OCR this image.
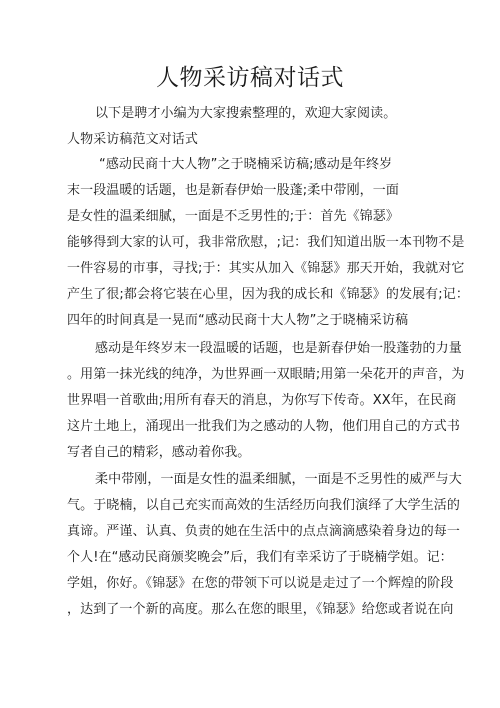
人物采访稿对话式
以下是聘才小编为大家搜索整理的，欢迎大家阅读。
人物采访稿范文对话式
“感动民商十大人物”之于晓楠采访稿;感动是年终岁
末一段温暖的话题，也是新春伊始一股蓬;柔中带刚，一面
是女性的温柔细腻，一面是不乏男性的;于：首先《锦瑟》
能够得到大家的认可，我非常欣慰，;记：我们知道出版一本刊物不是
一件容易的市事，寻找;于：其实从加入《锦瑟》那天开始，我就对它
产生了很;都会将它装在心里，因为我的成长和《锦瑟》的发展有;记：
四年的时间真是一晃而“感动民商十大人物”之于晓楠采访稿
感动是年终岁末一段温暖的话题，也是新春伊始一股蓬勃的力量
。用第一抹光线的纯净，为世界画一双眼睛;用第一朵花开的声音，为
世界唱一首歌曲;用所有春天的消息，为你写下传奇。XX年，在民商
这片土地上，涌现出一批我们为之感动的人物，他们用自己的方式书
写者自己的精彩，感动着你我。
柔中带刚，一面是女性的温柔细腻，一面是不乏男性的威严与大
气。于晓楠，以自己充实而高效的生活经历向我们演绎了大学生活的
真谛。严谨、认真、负责的她在生活中的点点滴滴感染着身边的每一
个人!在“感动民商颁奖晚会”后，我们有幸采访了于晓楠学姐。记：
学姐，你好。《锦瑟》在您的带领下可以说是走过了一个辉煌的阶段
，达到了一个新的高度。那么在您的眼里，《锦瑟》给您或者说在向
